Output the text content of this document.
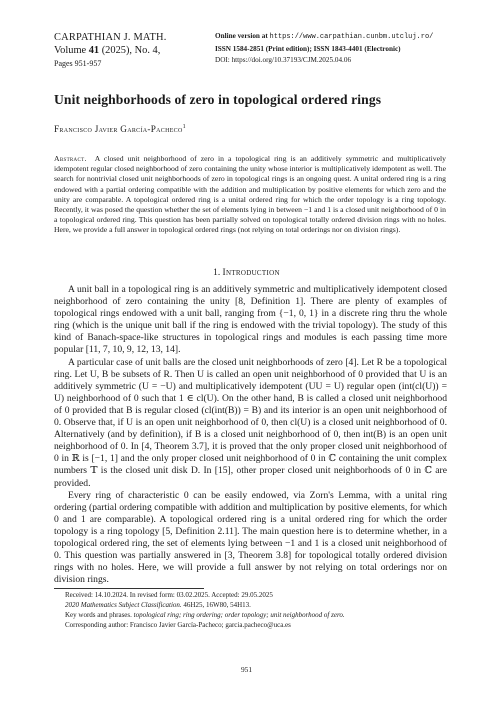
CARPATHIAN J. MATH.
Volume 41 (2025), No. 4,
Pages 951-957
Online version at https://www.carpathian.cunbm.utcluj.ro/
ISSN 1584-2851 (Print edition); ISSN 1843-4401 (Electronic)
DOI: https://doi.org/10.37193/CJM.2025.04.06
Unit neighborhoods of zero in topological ordered rings
Francisco Javier García-Pacheco$^1$
Abstract. A closed unit neighborhood of zero in a topological ring is an additively symmetric and multiplicatively idempotent regular closed neighborhood of zero containing the unity whose interior is multiplicatively idempotent as well. The search for nontrivial closed unit neighborhoods of zero in topological rings is an ongoing quest. A unital ordered ring is a ring endowed with a partial ordering compatible with the addition and multiplication by positive elements for which zero and the unity are comparable. A topological ordered ring is a unital ordered ring for which the order topology is a ring topology. Recently, it was posed the question whether the set of elements lying in between −1 and 1 is a closed unit neighborhood of 0 in a topological ordered ring. This question has been partially solved on topological totally ordered division rings with no holes. Here, we provide a full answer in topological ordered rings (not relying on total orderings nor on division rings).
1. Introduction

A unit ball in a topological ring is an additively symmetric and multiplicatively idempotent closed neighborhood of zero containing the unity [8, Definition 1]. There are plenty of examples of topological rings endowed with a unit ball, ranging from {−1, 0, 1} in a discrete ring thru the whole ring (which is the unique unit ball if the ring is endowed with the trivial topology). The study of this kind of Banach-space-like structures in topological rings and modules is each passing time more popular [11, 7, 10, 9, 12, 13, 14].

A particular case of unit balls are the closed unit neighborhoods of zero [4]. Let R be a topological ring. Let U, B be subsets of R. Then U is called an open unit neighborhood of 0 provided that U is an additively symmetric (U = −U) and multiplicatively idempotent (UU = U) regular open (int(cl(U)) = U) neighborhood of 0 such that 1 ∈ cl(U). On the other hand, B is called a closed unit neighborhood of 0 provided that B is regular closed (cl(int(B)) = B) and its interior is an open unit neighborhood of 0. Observe that, if U is an open unit neighborhood of 0, then cl(U) is a closed unit neighborhood of 0. Alternatively (and by definition), if B is a closed unit neighborhood of 0, then int(B) is an open unit neighborhood of 0. In [4, Theorem 3.7], it is proved that the only proper closed unit neighborhood of 0 in ℝ is [−1, 1] and the only proper closed unit neighborhood of 0 in ℂ containing the unit complex numbers 𝕋 is the closed unit disk D. In [15], other proper closed unit neighborhoods of 0 in ℂ are provided.

Every ring of characteristic 0 can be easily endowed, via Zorn's Lemma, with a unital ring ordering (partial ordering compatible with addition and multiplication by positive elements, for which 0 and 1 are comparable). A topological ordered ring is a unital ordered ring for which the order topology is a ring topology [5, Definition 2.11]. The main question here is to determine whether, in a topological ordered ring, the set of elements lying between −1 and 1 is a closed unit neighborhood of 0. This question was partially answered in [3, Theorem 3.8] for topological totally ordered division rings with no holes. Here, we will provide a full answer by not relying on total orderings nor on division rings.

Received: 14.10.2024. In revised form: 03.02.2025. Accepted: 29.05.2025
2020 Mathematics Subject Classification. 46H25, 16W80, 54H13.
Key words and phrases. topological ring; ring ordering; order topology; unit neighborhood of zero.
Corresponding author: Francisco Javier García-Pacheco; garcia.pacheco@uca.es
951
